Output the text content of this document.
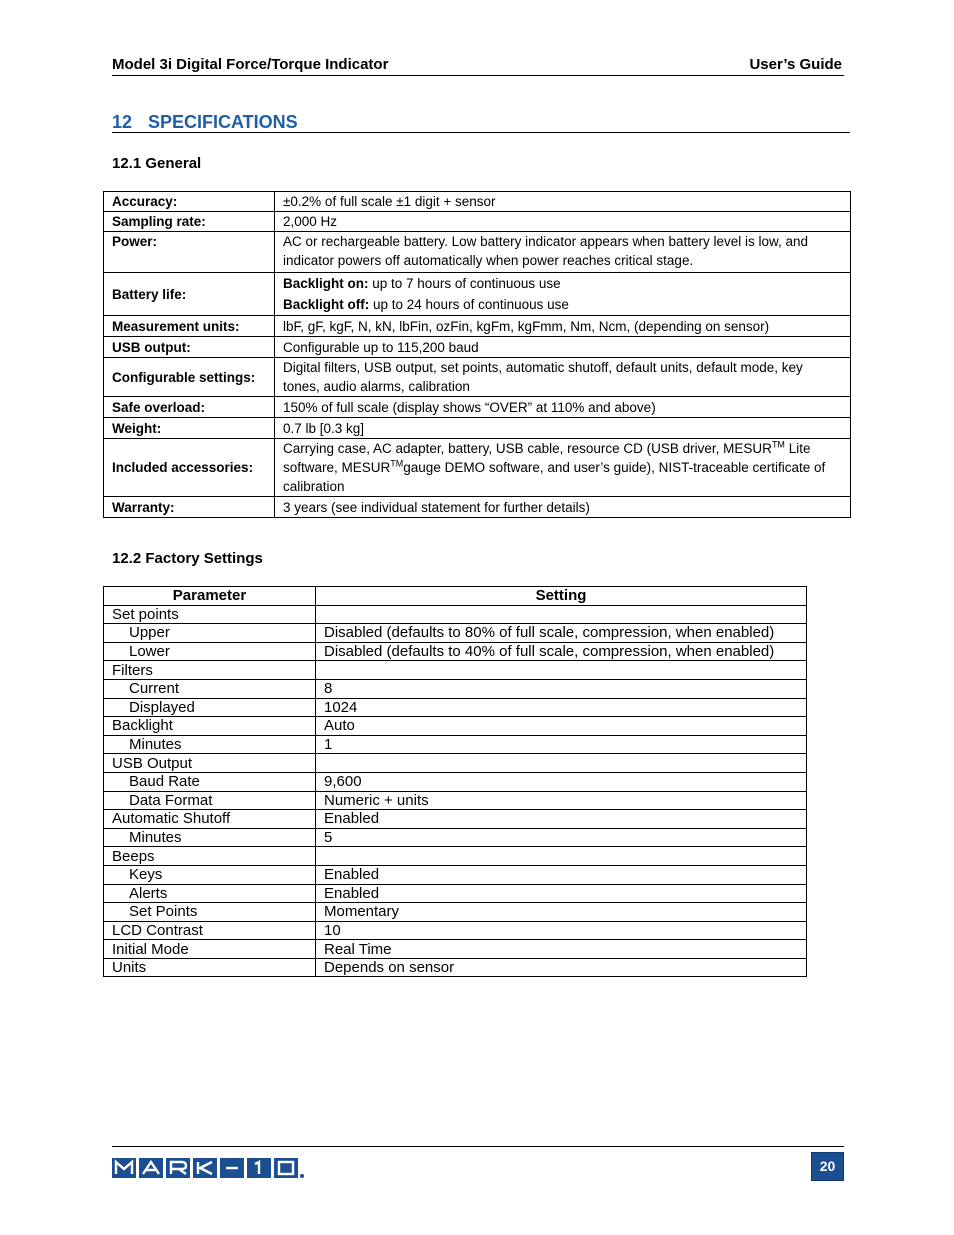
Model 3i Digital Force/Torque Indicator	User’s Guide
12 SPECIFICATIONS
12.1 General
Accuracy:	±0.2% of full scale ±1 digit + sensor
Sampling rate:	2,000 Hz
Power:	AC or rechargeable battery. Low battery indicator appears when battery level is low, and indicator powers off automatically when power reaches critical stage.
Battery life:	Backlight on: up to 7 hours of continuous use
Backlight off: up to 24 hours of continuous use

Measurement units:	lbF, gF, kgF, N, kN, lbFin, ozFin, kgFm, kgFmm, Nm, Ncm, (depending on sensor)
USB output:	Configurable up to 115,200 baud
Configurable settings:	Digital filters, USB output, set points, automatic shutoff, default units, default mode, key tones, audio alarms, calibration
Safe overload:	150% of full scale (display shows “OVER” at 110% and above)
Weight:	0.7 lb [0.3 kg]
Included accessories:	Carrying case, AC adapter, battery, USB cable, resource CD (USB driver, MESUR™ Lite software, MESUR™gauge DEMO software, and user’s guide), NIST-traceable certificate of calibration
Warranty:	3 years (see individual statement for further details)
12.2 Factory Settings
Parameter	Setting
Set points	
Upper	Disabled (defaults to 80% of full scale, compression, when enabled)
Lower	Disabled (defaults to 40% of full scale, compression, when enabled)
Filters	
Current	8
Displayed	1024
Backlight	Auto
Minutes	1
USB Output	
Baud Rate	9,600
Data Format	Numeric + units
Automatic Shutoff	Enabled
Minutes	5
Beeps	
Keys	Enabled
Alerts	Enabled
Set Points	Momentary
LCD Contrast	10
Initial Mode	Real Time
Units	Depends on sensor
20
